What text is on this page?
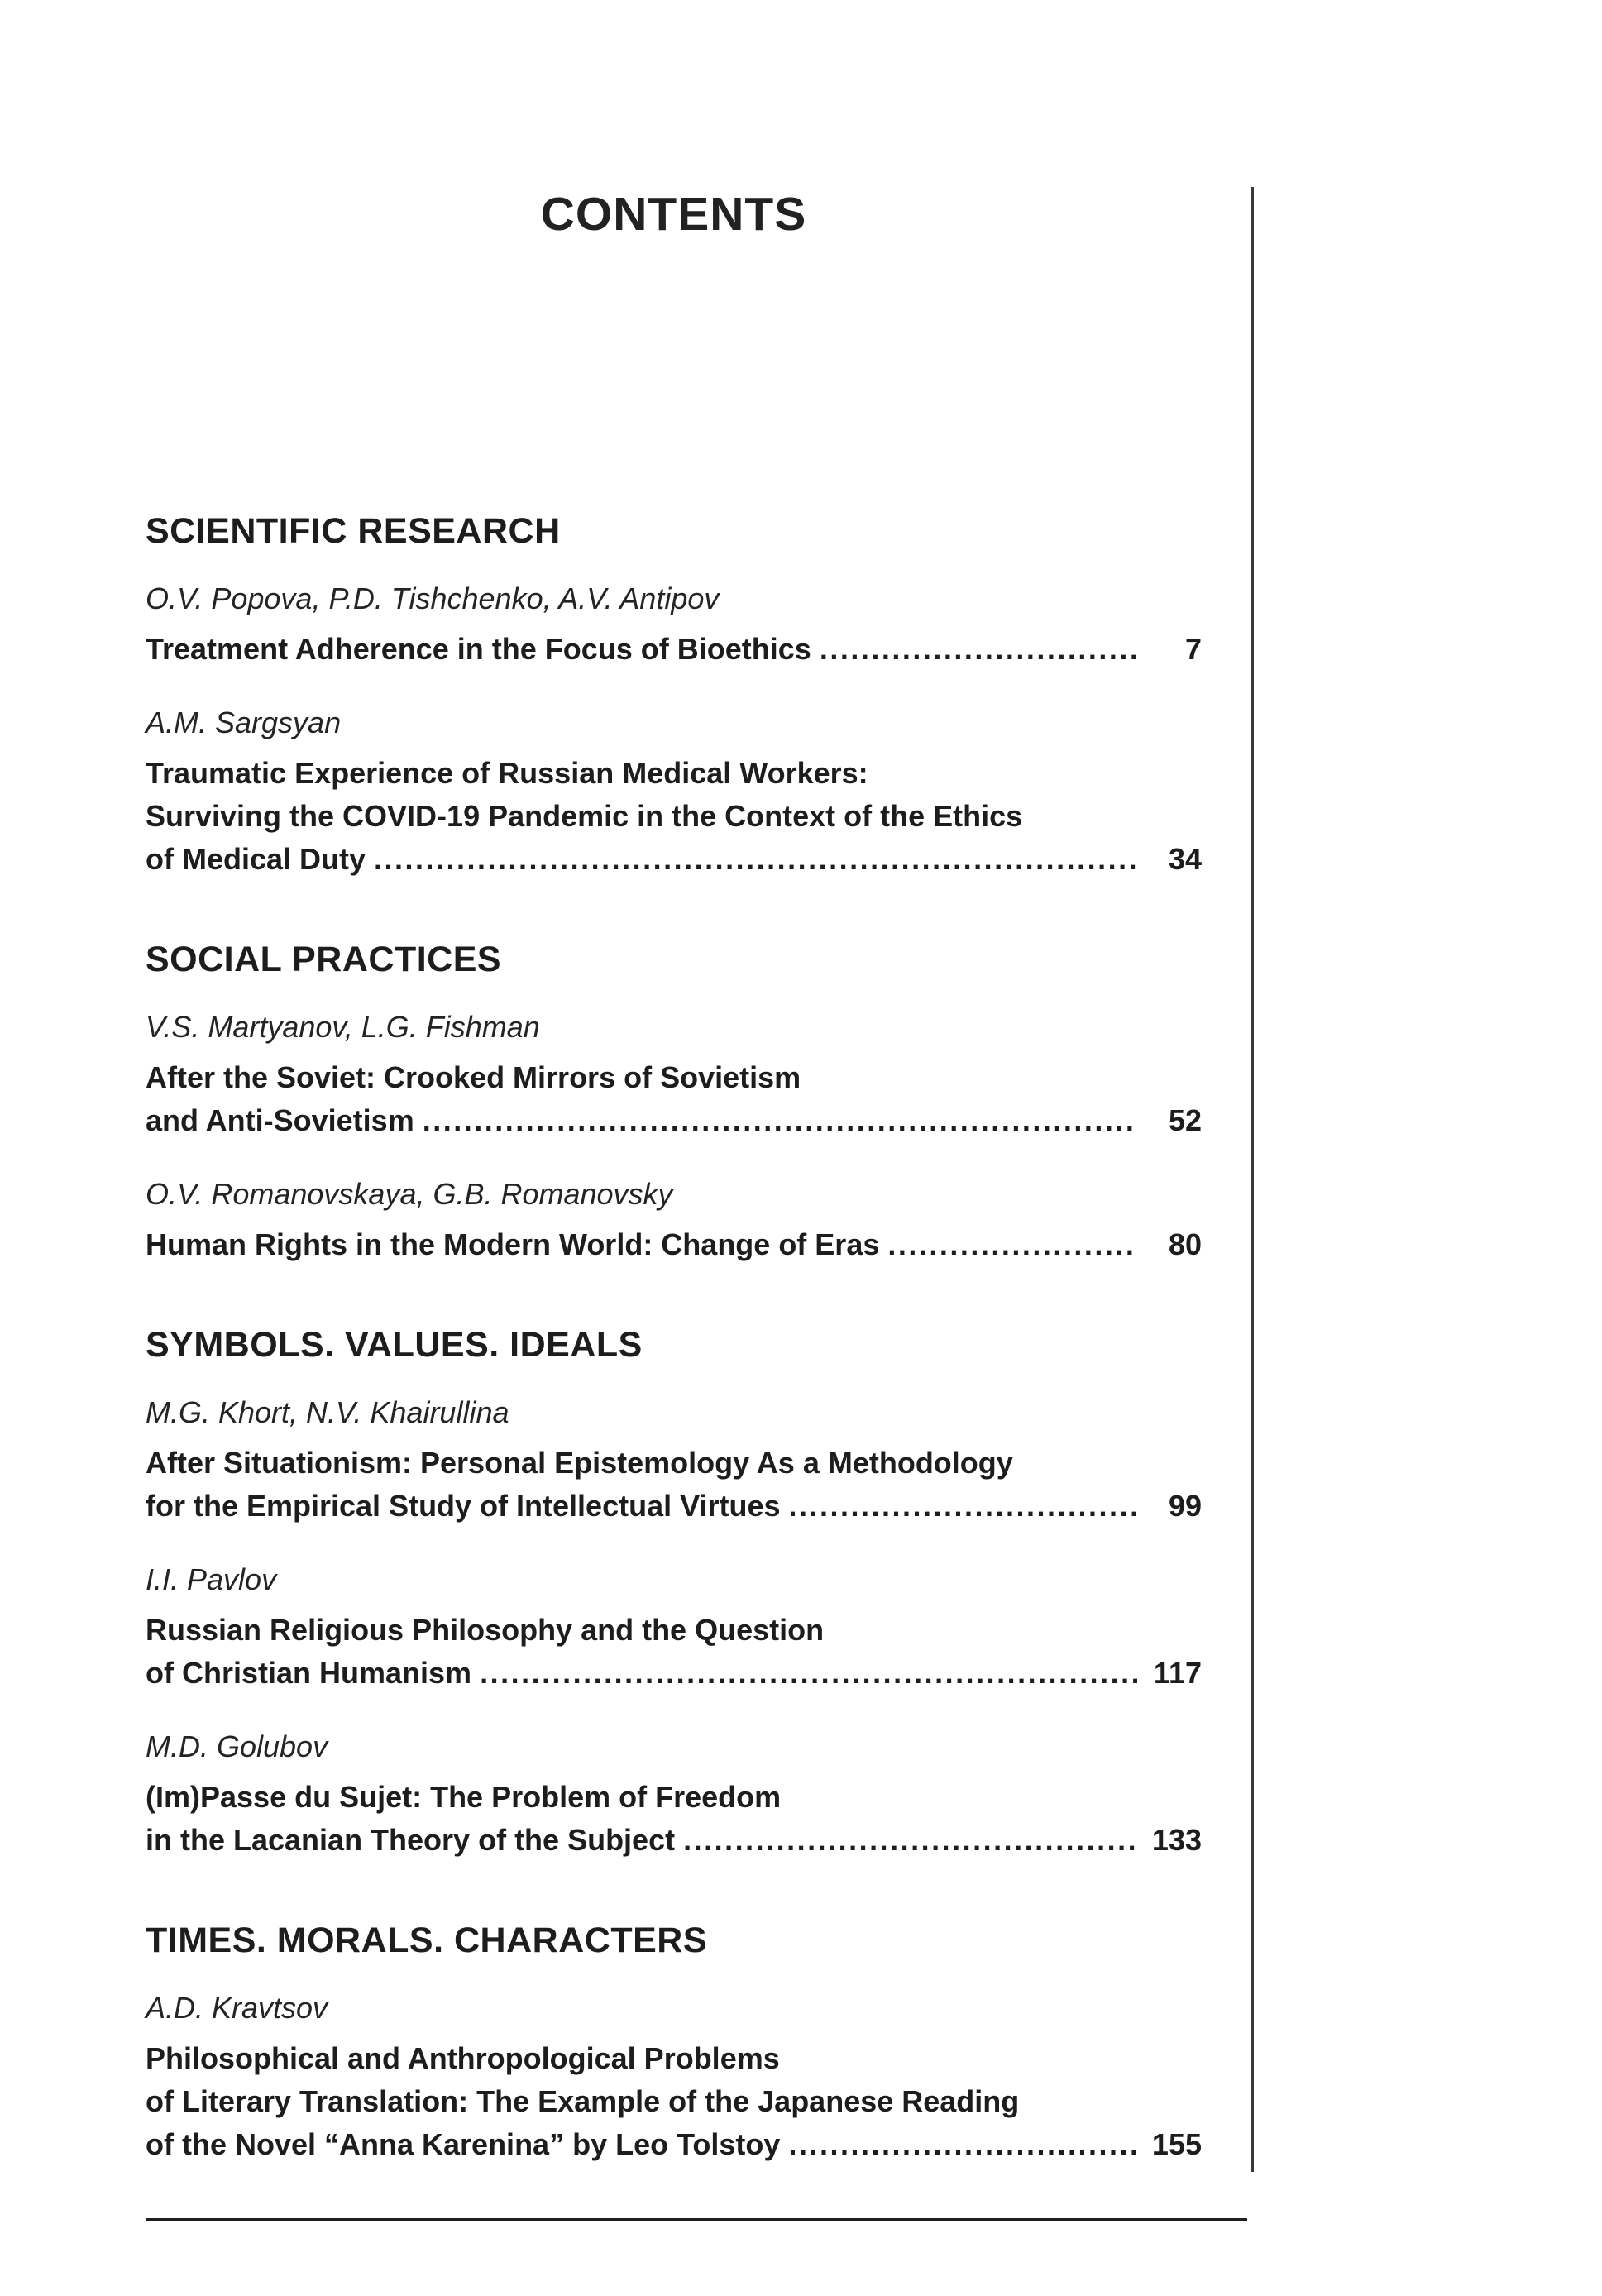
CONTENTS
SCIENTIFIC RESEARCH
O.V. Popova, P.D. Tishchenko, A.V. Antipov
Treatment Adherence in the Focus of Bioethics .....	7
A.M. Sargsyan
Traumatic Experience of Russian Medical Workers:
Surviving the COVID-19 Pandemic in the Context of the Ethics
of Medical Duty .....	34
SOCIAL PRACTICES
V.S. Martyanov, L.G. Fishman
After the Soviet: Crooked Mirrors of Sovietism
and Anti-Sovietism .....	52
O.V. Romanovskaya, G.B. Romanovsky
Human Rights in the Modern World: Change of Eras .....	80
SYMBOLS. VALUES. IDEALS
M.G. Khort, N.V. Khairullina
After Situationism: Personal Epistemology As a Methodology
for the Empirical Study of Intellectual Virtues .....	99
I.I. Pavlov
Russian Religious Philosophy and the Question
of Christian Humanism .....	117
M.D. Golubov
(Im)Passe du Sujet: The Problem of Freedom
in the Lacanian Theory of the Subject .....	133
TIMES. MORALS. CHARACTERS
A.D. Kravtsov
Philosophical and Anthropological Problems
of Literary Translation: The Example of the Japanese Reading
of the Novel “Anna Karenina” by Leo Tolstoy .....	155
